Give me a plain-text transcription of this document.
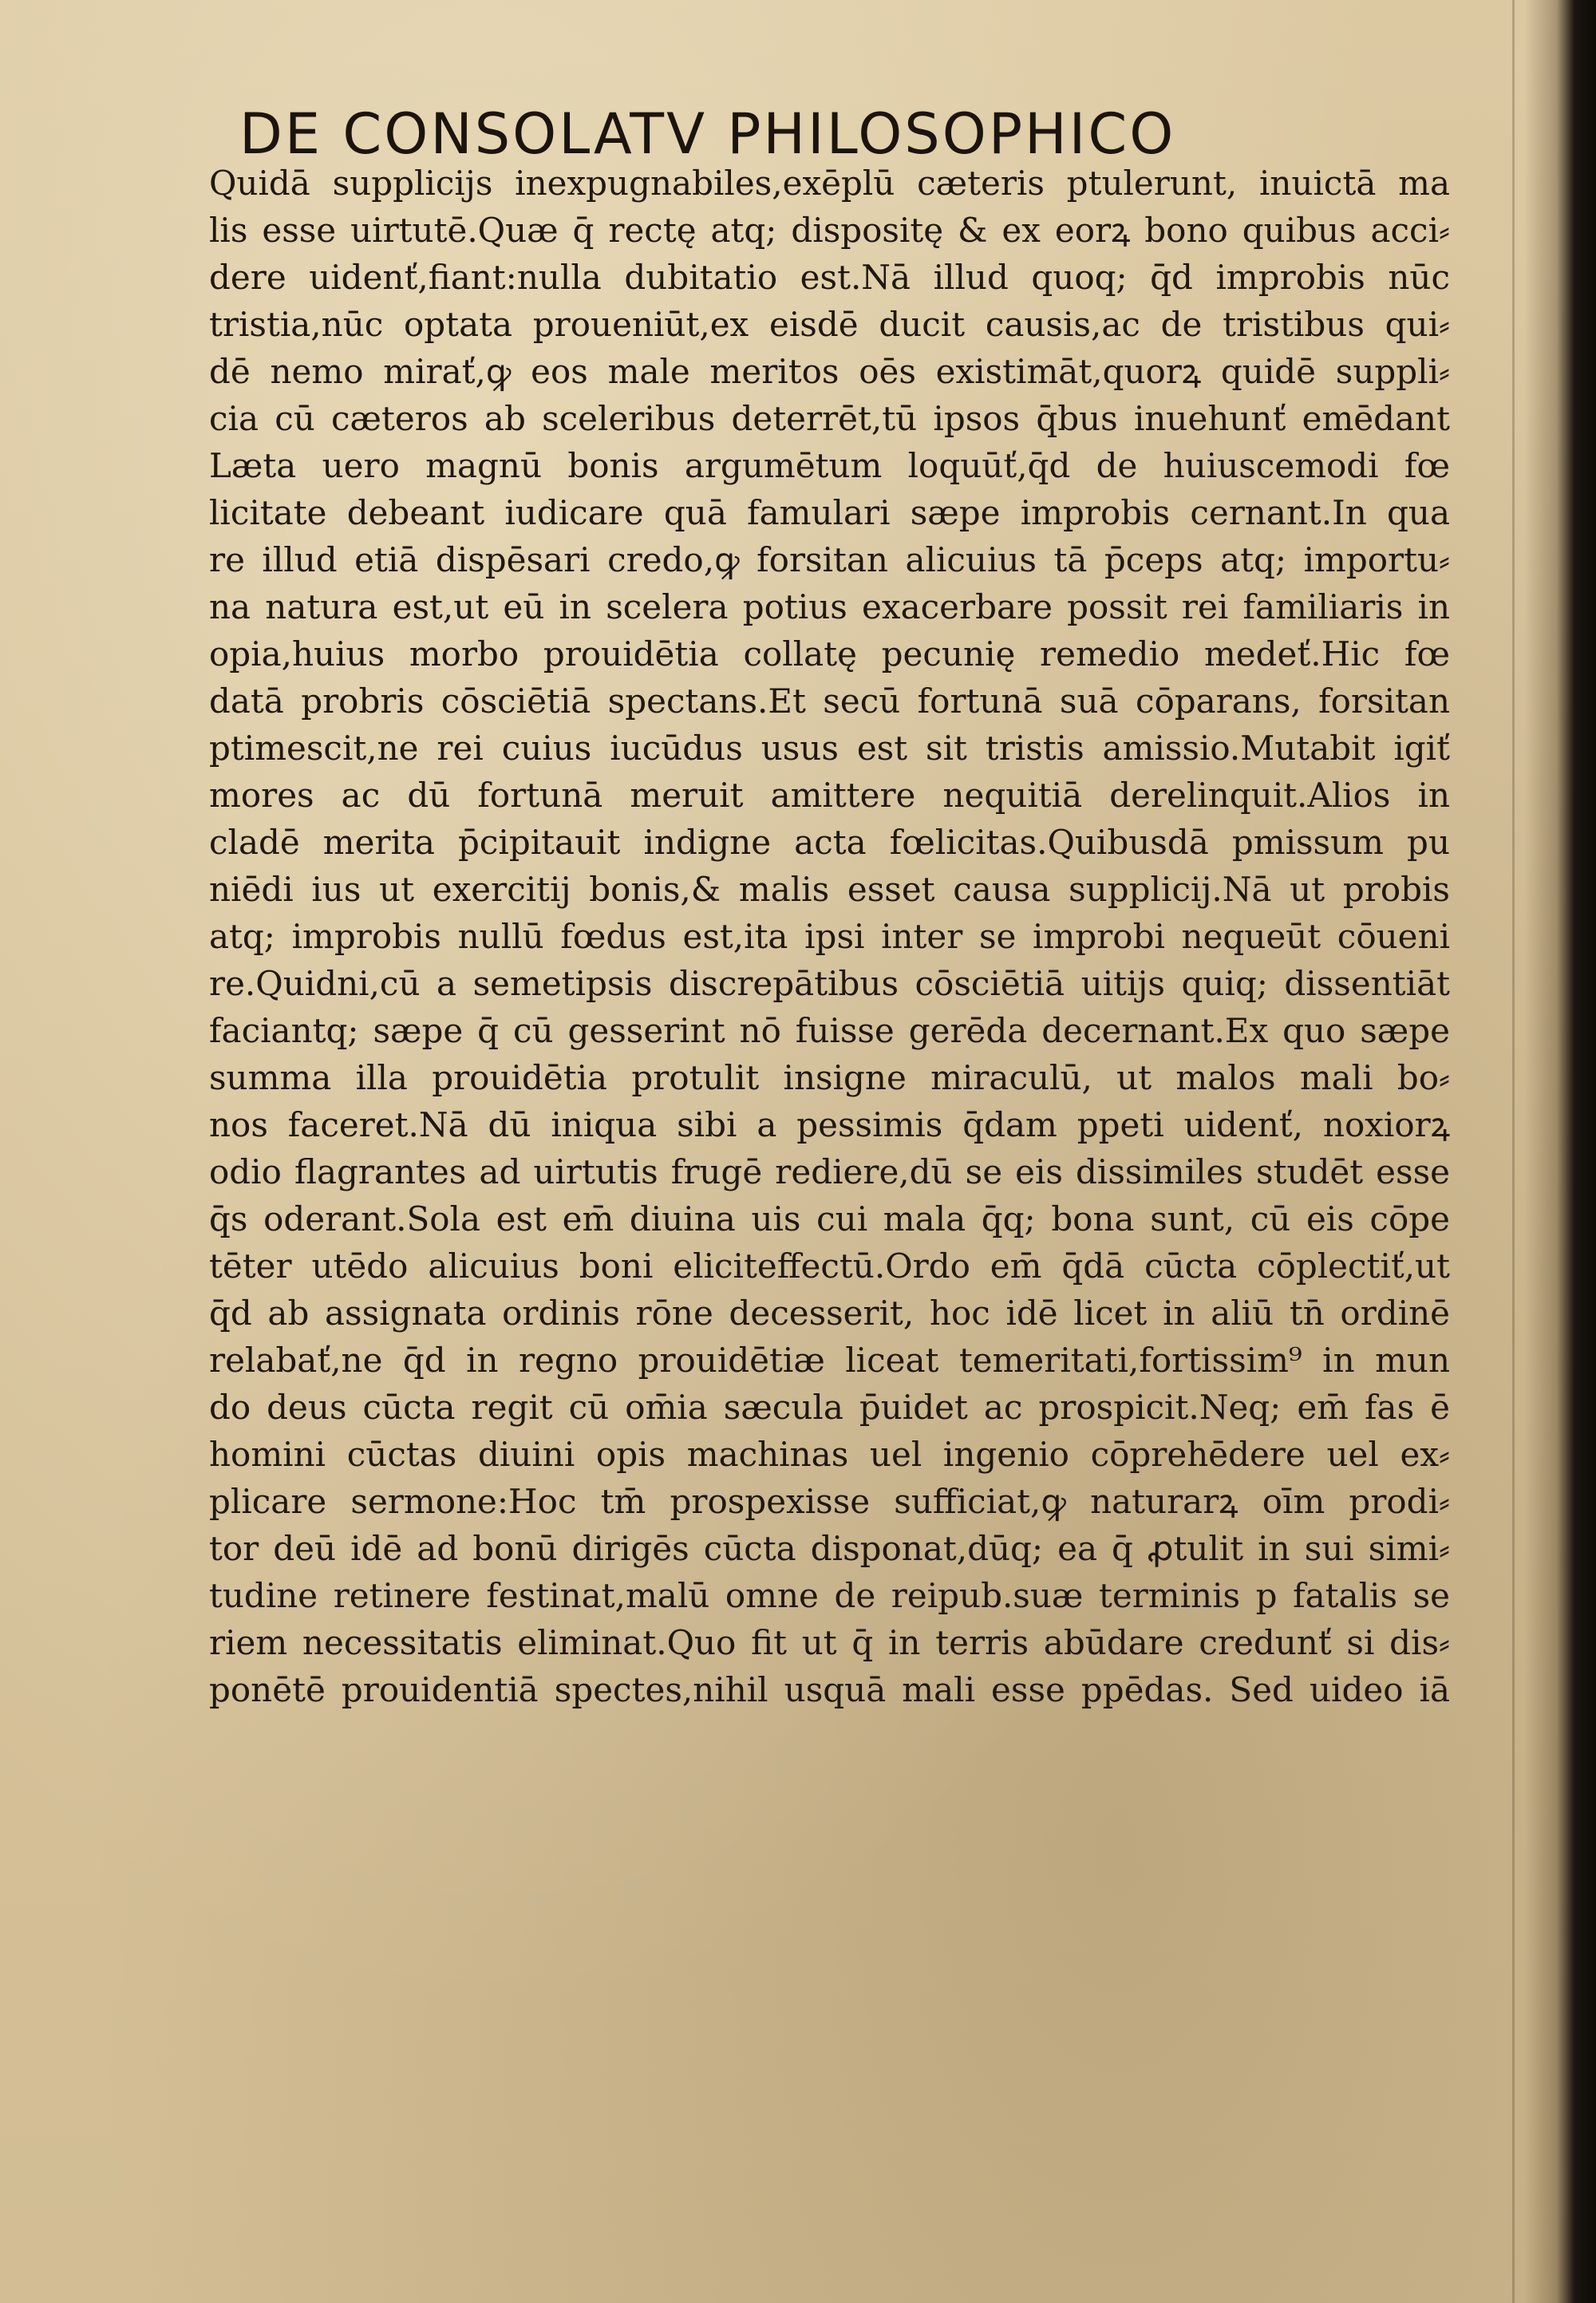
DE CONSOLATV PHILOSOPHICO
Quidā supplicijs inexpugnabiles,exēplū cæteris ptulerunt, inuictā ma
lis esse uirtutē.Quæ q̄ rectę atq; dispositę & ex eorꝝ bono quibus acci⸗
dere uidenť,fiant:nulla dubitatio est.Nā illud quoq; q̄d improbis nūc
tristia,nūc optata proueniūt,ex eisdē ducit causis,ac de tristibus qui⸗
dē nemo mirať,ꝙ eos male meritos oēs existimāt,quorꝝ quidē suppli⸗
cia cū cæteros ab sceleribus deterrēt,tū ipsos q̄bus inuehunť emēdant
Læta uero magnū bonis argumētum loquūť,q̄d de huiuscemodi fœ
licitate debeant iudicare quā famulari sæpe improbis cernant.In qua
re illud etiā dispēsari credo,ꝙ forsitan alicuius tā p̄ceps atq; importu⸗
na natura est,ut eū in scelera potius exacerbare possit rei familiaris in
opia,huius morbo prouidētia collatę pecunię remedio medeť.Hic fœ
datā probris cōsciētiā spectans.Et secū fortunā suā cōparans, forsitan
ptimescit,ne rei cuius iucūdus usus est sit tristis amissio.Mutabit igiť
mores ac dū fortunā meruit amittere nequitiā derelinquit.Alios in
cladē merita p̄cipitauit indigne acta fœlicitas.Quibusdā pmissum pu
niēdi ius ut exercitij bonis,& malis esset causa supplicij.Nā ut probis
atq; improbis nullū fœdus est,ita ipsi inter se improbi nequeūt cōueni
re.Quidni,cū a semetipsis discrepātibus cōsciētiā uitijs quiq; dissentiāt
faciantq; sæpe q̄ cū gesserint nō fuisse gerēda decernant.Ex quo sæpe
summa illa prouidētia protulit insigne miraculū, ut malos mali bo⸗
nos faceret.Nā dū iniqua sibi a pessimis q̄dam ppeti uidenť, noxiorꝝ
odio flagrantes ad uirtutis frugē rediere,dū se eis dissimiles studēt esse
q̄s oderant.Sola est em̄ diuina uis cui mala q̄q; bona sunt, cū eis cōpe
tēter utēdo alicuius boni eliciteffectū.Ordo em̄ q̄dā cūcta cōplectiť,ut
q̄d ab assignata ordinis rōne decesserit, hoc idē licet in aliū tn̄ ordinē
relabať,ne q̄d in regno prouidētiæ liceat temeritati,fortissim⁹ in mun
do deus cūcta regit cū om̄ia sæcula p̄uidet ac prospicit.Neq; em̄ fas ē
homini cūctas diuini opis machinas uel ingenio cōprehēdere uel ex⸗
plicare sermone:Hoc tm̄ prospexisse sufficiat,ꝙ naturarꝝ oīm prodi⸗
tor deū idē ad bonū dirigēs cūcta disponat,dūq; ea q̄ ꝓtulit in sui simi⸗
tudine retinere festinat,malū omne de reipub.suæ terminis p fatalis se
riem necessitatis eliminat.Quo fit ut q̄ in terris abūdare credunť si dis⸗
ponētē prouidentiā spectes,nihil usquā mali esse ppēdas. Sed uideo iā
